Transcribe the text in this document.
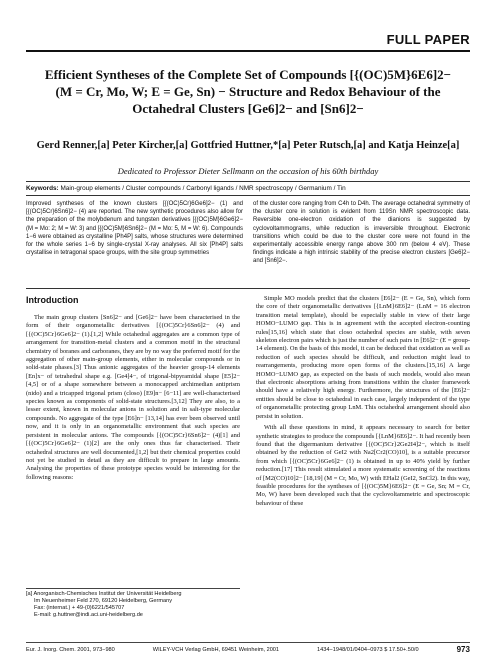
FULL PAPER
Efficient Syntheses of the Complete Set of Compounds [{(OC)5M}6E6]2− (M = Cr, Mo, W; E = Ge, Sn) − Structure and Redox Behaviour of the Octahedral Clusters [Ge6]2− and [Sn6]2−
Gerd Renner,[a] Peter Kircher,[a] Gottfried Huttner,*[a] Peter Rutsch,[a] and Katja Heinze[a]
Dedicated to Professor Dieter Sellmann on the occasion of his 60th birthday
Keywords: Main-group elements / Cluster compounds / Carbonyl ligands / NMR spectroscopy / Germanium / Tin
Improved syntheses of the known clusters [{(OC)5Cr}6Ge6]2− (1) and [{(OC)5Cr}6Sn6]2− (4) are reported. The new synthetic procedures also allow for the preparation of the molybdenum and tungsten derivatives [{(OC)5M}6Ge6]2− (M = Mo: 2; M = W: 3) and [{(OC)5M}6Sn6]2− (M = Mo: 5, M = W: 6). Compounds 1−6 were obtained as crystalline [Ph4P] salts, whose structures were determined for the whole series 1−6 by single-crystal X-ray analyses. All six [Ph4P] salts crystallise in tetragonal space groups, with the site group symmetries
of the cluster core ranging from C4h to D4h. The average octahedral symmetry of the cluster core in solution is evident from 119Sn NMR spectroscopic data. Reversible one-electron oxidation of the dianions is suggested by cyclovoltammograms, while reduction is irreversible throughout. Electronic transitions which could be due to the cluster core were not found in the experimentally accessible energy range above 300 nm (below 4 eV). These findings indicate a high intrinsic stability of the precise electron clusters [Ge6]2− and [Sn6]2−.
Introduction

The main group clusters [Sn6]2− and [Ge6]2− have been characterised in the form of their organometallic derivatives [{(OC)5Cr}6Sn6]2− (4) and [{(OC)5Cr}6Ge6]2− (1).[1,2] While octahedral aggregates are a common type of arrangement for transition-metal clusters and a common motif in the structural chemistry of boranes and carboranes, they are by no way the preferred motif for the aggregation of other main-group elements, either in molecular compounds or in solid-state phases.[3] Thus anionic aggregates of the heavier group-14 elements [En]x− of tetrahedral shape e.g. [Ge4]4−, of trigonal-bipyramidal shape [E5]2− [4,5] or of a shape somewhere between a monocapped archimedian antiprism (nido) and a tricapped trigonal prism (closo) [E9]n− [6−11] are well-characterised species known as components of solid-state structures.[3,12] They are also, to a lesser extent, known in molecular anions in solution and in salt-type molecular compounds. No aggregate of the type [E6]n− [13,14] has ever been observed until now, and it is only in an organometallic environment that such species are persistent in molecular anions. The compounds [{(OC)5Cr}6Sn6]2− (4)[1] and [{(OC)5Cr}6Ge6]2− (1)[2] are the only ones thus far characterised. Their octahedral structures are well documented,[1,2] but their chemical properties could not yet be studied in detail as they are difficult to prepare in large amounts. Analysing the properties of these prototype species would be interesting for the following reasons:

Simple MO models predict that the clusters [E6]2− (E = Ge, Sn), which form the core of their organometallic derivatives [{LnM}6E6]2− (LnM = 16 electron transition metal template), should be especially stable in view of their large HOMO−LUMO gap. This is in agreement with the accepted electron-counting rules[15,16] which state that closo octahedral species are stable, with seven skeleton electron pairs which is just the number of such pairs in [E6]2− (E = group-14 element). On the basis of this model, it can be deduced that oxidation as well as reduction of such species should be difficult, and reduction might lead to rearrangements, producing more open forms of the clusters.[15,16] A large HOMO−LUMO gap, as expected on the basis of such models, would also mean that electronic absorptions arising from transitions within the cluster framework should have a relatively high energy. Furthermore, the structures of the [E6]2− entities should be close to octahedral in each case, largely independent of the type of organometallic protecting group LnM. This octahedral arrangement should also persist in solution.

With all these questions in mind, it appears necessary to search for better synthetic strategies to produce the compounds [{LnM}6E6]2−. It had recently been found that the digermanium derivative [{(OC)5Cr}2Ge2I4]2−, which is itself obtained by the reduction of GeI2 with Na2[Cr2(CO)10], is a suitable precursor from which [{(OC)5Cr}6Ge6]2− (1) is obtained in up to 40% yield by further reduction.[17] This result stimulated a more systematic screening of the reactions of [M2(CO)10]2− [18,19] (M = Cr, Mo, W) with EHal2 (GeI2, SnCl2). In this way, feasible procedures for the syntheses of [{(OC)5M}6E6]2− (E = Ge, Sn; M = Cr, Mo, W) have been developed such that the cyclovoltammetric and spectroscopic behaviour of these

[a] Anorganisch-Chemisches Institut der Universität Heidelberg
Im Neuenheimer Feld 270, 69120 Heidelberg, Germany
Fax: (internat.) + 49-(0)6221/545707
E-mail: g.huttner@indi.aci.uni-heidelberg.de
Eur. J. Inorg. Chem. 2001, 973−980	WILEY-VCH Verlag GmbH, 69451 Weinheim, 2001	1434−1948/01/0404−0973 $ 17.50+.50/0	973
